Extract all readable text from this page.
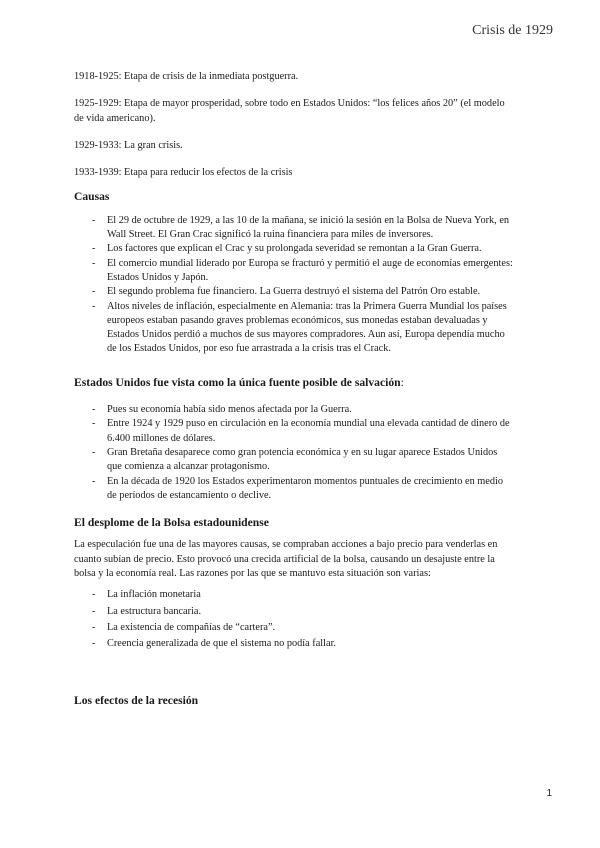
Crisis de 1929

1918-1925: Etapa de crisis de la inmediata postguerra.

1925-1929: Etapa de mayor prosperidad, sobre todo en Estados Unidos: “los felices años 20” (el modelo de vida americano).

1929-1933: La gran crisis.

1933-1939: Etapa para reducir los efectos de la crisis

Causas
- El 29 de octubre de 1929, a las 10 de la mañana, se inició la sesión en la Bolsa de Nueva York, en Wall Street. El Gran Crac significó la ruina financiera para miles de inversores.
- Los factores que explican el Crac y su prolongada severidad se remontan a la Gran Guerra.
- El comercio mundial liderado por Europa se fracturó y permitió el auge de economías emergentes: Estados Unidos y Japón.
- El segundo problema fue financiero. La Guerra destruyó el sistema del Patrón Oro estable.
- Altos niveles de inflación, especialmente en Alemania: tras la Primera Guerra Mundial los países europeos estaban pasando graves problemas económicos, sus monedas estaban devaluadas y Estados Unidos perdió a muchos de sus mayores compradores. Aun así, Europa dependía mucho de los Estados Unidos, por eso fue arrastrada a la crisis tras el Crack.
Estados Unidos fue vista como la única fuente posible de salvación:
- Pues su economía había sido menos afectada por la Guerra.
- Entre 1924 y 1929 puso en circulación en la economía mundial una elevada cantidad de dinero de 6.400 millones de dólares.
- Gran Bretaña desaparece como gran potencia económica y en su lugar aparece Estados Unidos que comienza a alcanzar protagonismo.
- En la década de 1920 los Estados experimentaron momentos puntuales de crecimiento en medio de períodos de estancamiento o declive.
El desplome de la Bolsa estadounidense

La especulación fue una de las mayores causas, se compraban acciones a bajo precio para venderlas en cuanto subían de precio. Esto provocó una crecida artificial de la bolsa, causando un desajuste entre la bolsa y la economía real. Las razones por las que se mantuvo esta situación son varias:

- La inflación monetaria
- La estructura bancaria.
- La existencia de compañías de “cartera”.
- Creencia generalizada de que el sistema no podía fallar.
Los efectos de la recesión
1
